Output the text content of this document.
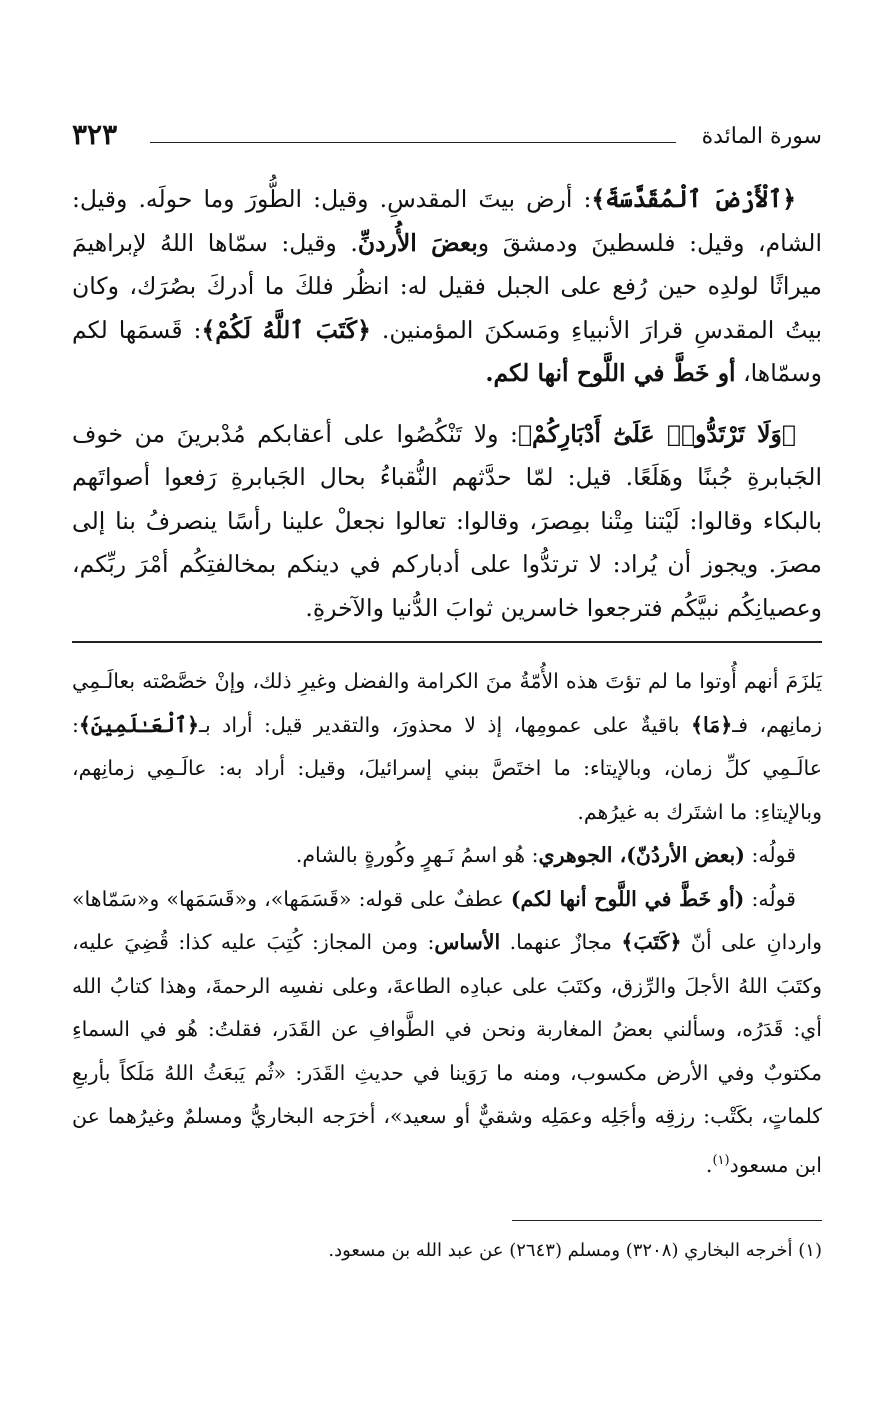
سورة المائدة
٣٢٣

﴿ٱلْأَرْضَ ٱلْمُقَدَّسَةَ﴾: أرض بيتَ المقدسِ. وقيل: الطُّورَ وما حولَه. وقيل: الشام، وقيل: فلسطينَ ودمشقَ وبعضَ الأُردنِّ. وقيل: سمّاها اللهُ لإبراهيمَ ميراثًا لولدِه حين رُفع على الجبل فقيل له: انظُر فلكَ ما أدركَ بصُرَك، وكان بيتُ المقدسِ قرارَ الأنبياءِ ومَسكنَ المؤمنين. ﴿كَتَبَ ٱللَّهُ لَكُمْ﴾: قَسمَها لكم وسمّاها، أو خَطَّ في اللَّوح أنها لكم.

﴿وَلَا تَرْتَدُّوا۟ عَلَىٰٓ أَدْبَارِكُمْ﴾: ولا تَنْكُصُوا على أعقابكم مُدْبرينَ من خوف الجَبابرةِ جُبنًا وهَلَعًا. قيل: لمّا حدَّثهم النُّقباءُ بحال الجَبابرةِ رَفعوا أصواتَهم بالبكاء وقالوا: لَيْتنا مِتْنا بمِصرَ، وقالوا: تعالوا نجعلْ علينا رأسًا ينصرفُ بنا إلى مصرَ. ويجوز أن يُراد: لا ترتدُّوا على أدباركم في دينكم بمخالفتِكُم أمْرَ ربِّكم، وعصيانِكُم نبيَّكُم فترجعوا خاسرين ثوابَ الدُّنيا والآخرةِ.

يَلزَمَ أنهم أُوتوا ما لم تؤتَ هذه الأُمّةُ منَ الكرامة والفضل وغيرِ ذلك، وإنْ خصَّصْته بعالَـمِي زمانِهم، فـ﴿مَا﴾ باقيةٌ على عمومِها، إذ لا محذورَ، والتقدير قيل: أراد بـ﴿ٱلْعَـٰلَمِينَ﴾: عالَـمِي كلِّ زمان، وبالإيتاء: ما اختَصَّ ببني إسرائيلَ، وقيل: أراد به: عالَـمِي زمانِهم، وبالإيتاءِ: ما اشتَرك به غيرُهم.

قولُه: (بعض الأردُنّ)، الجوهري: هُو اسمُ نَـهرٍ وكُورةٍ بالشام.

قولُه: (أو خَطَّ في اللَّوح أنها لكم) عطفٌ على قوله: «قَسَمَها»، و«قَسَمَها» و«سَمّاها» واردانِ على أنّ ﴿كَتَبَ﴾ مجازٌ عنهما. الأساس: ومن المجاز: كُتِبَ عليه كذا: قُضِيَ عليه، وكتَبَ اللهُ الأجلَ والرِّزق، وكتَبَ على عبادِه الطاعةَ، وعلى نفسِه الرحمةَ، وهذا كتابُ الله أي: قَدَرُه، وسألني بعضُ المغاربة ونحن في الطَّوافِ عن القَدَر، فقلتُ: هُو في السماءِ مكتوبٌ وفي الأرض مكسوب، ومنه ما رَوَينا في حديثِ القَدَر: «ثُم يَبعَثُ اللهُ مَلَكاً بأربعِ كلماتٍ، بكَتْب: رزقِه وأجَلِه وعمَلِه وشقيٌّ أو سعيد»، أخرَجه البخاريُّ ومسلمٌ وغيرُهما عن ابن مسعود$^{(١)}$.

(١) أخرجه البخاري (٣٢٠٨) ومسلم (٢٦٤٣) عن عبد الله بن مسعود.
